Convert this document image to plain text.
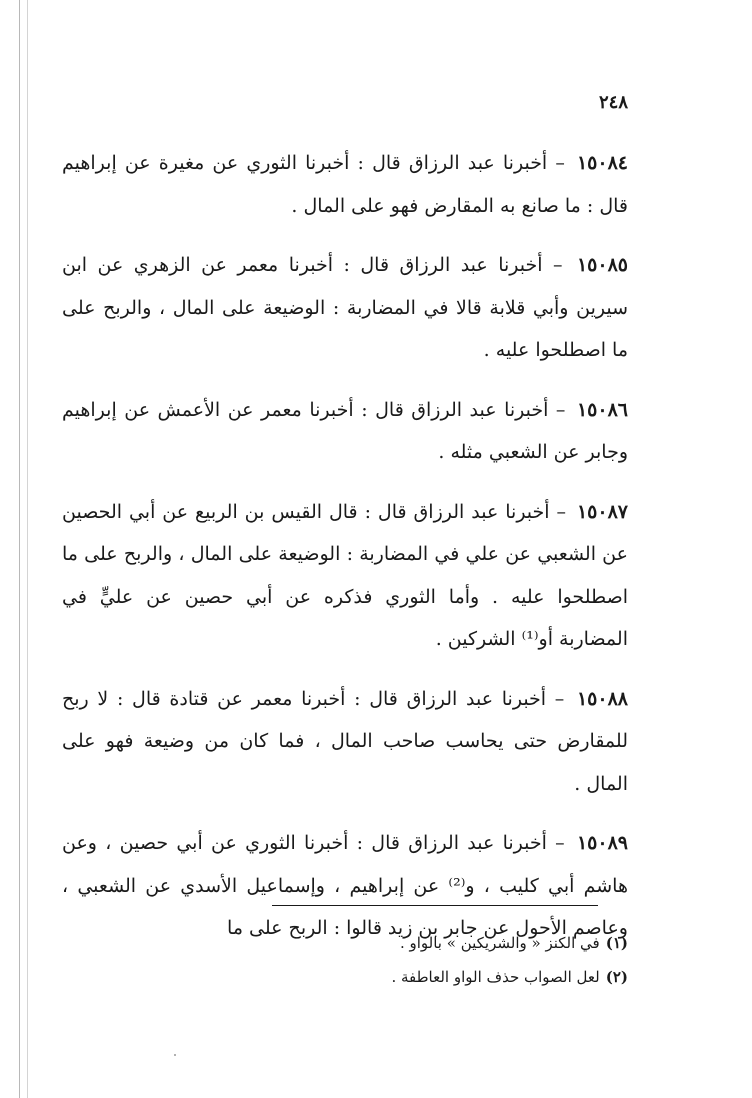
٢٤٨

١٥٠٨٤ – أخبرنا عبد الرزاق قال : أخبرنا الثوري عن مغيرة عن إبراهيم قال : ما صانع به المقارض فهو على المال .

١٥٠٨٥ – أخبرنا عبد الرزاق قال : أخبرنا معمر عن الزهري عن ابن سيرين وأبي قلابة قالا في المضاربة : الوضيعة على المال ، والربح على ما اصطلحوا عليه .

١٥٠٨٦ – أخبرنا عبد الرزاق قال : أخبرنا معمر عن الأعمش عن إبراهيم وجابر عن الشعبي مثله .

١٥٠٨٧ – أخبرنا عبد الرزاق قال : قال القيس بن الربيع عن أبي الحصين عن الشعبي عن علي في المضاربة : الوضيعة على المال ، والربح على ما اصطلحوا عليه . وأما الثوري فذكره عن أبي حصين عن عليٍّ في المضاربة أو⁽¹⁾ الشركين .

١٥٠٨٨ – أخبرنا عبد الرزاق قال : أخبرنا معمر عن قتادة قال : لا ربح للمقارض حتى يحاسب صاحب المال ، فما كان من وضيعة فهو على المال .

١٥٠٨٩ – أخبرنا عبد الرزاق قال : أخبرنا الثوري عن أبي حصين ، وعن هاشم أبي كليب ، و⁽²⁾ عن إبراهيم ، وإسماعيل الأسدي عن الشعبي ، وعاصم الأحول عن جابر بن زيد قالوا : الربح على ما

(١)في الكنز « والشريكين » بالواو .
(٢)لعل الصواب حذف الواو العاطفة .
